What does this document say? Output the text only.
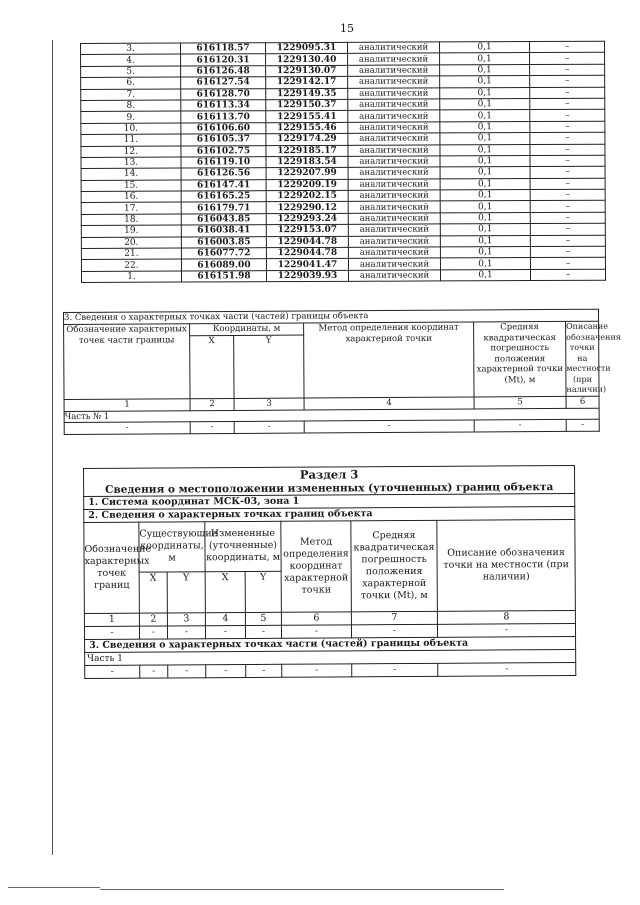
15
3.	616118.57	1229095.31	аналитический	0,1	–
4.	616120.31	1229130.40	аналитический	0,1	–
5.	616126.48	1229130.07	аналитический	0,1	–
6.	616127.54	1229142.17	аналитический	0,1	–
7.	616128.70	1229149.35	аналитический	0,1	–
8.	616113.34	1229150.37	аналитический	0,1	–
9.	616113.70	1229155.41	аналитический	0,1	–
10.	616106.60	1229155.46	аналитический	0,1	–
11.	616105.37	1229174.29	аналитический	0,1	–
12.	616102.75	1229185.17	аналитический	0,1	–
13.	616119.10	1229183.54	аналитический	0,1	–
14.	616126.56	1229207.99	аналитический	0,1	–
15.	616147.41	1229209.19	аналитический	0,1	–
16.	616165.25	1229202.15	аналитический	0,1	–
17.	616179.71	1229290.12	аналитический	0,1	–
18.	616043.85	1229293.24	аналитический	0,1	–
19.	616038.41	1229153.07	аналитический	0,1	–
20.	616003.85	1229044.78	аналитический	0,1	–
21.	616077.72	1229044.78	аналитический	0,1	–
22.	616089.00	1229041.47	аналитический	0,1	–
1.	616151.98	1229039.93	аналитический	0,1	–
3. Сведения о характерных точках части (частей) границы объекта					
Обозначение характерных точек части границы	Координаты, м		Метод определения координат характерной точки	Средняя квадратическая погрешность положения характерной точки (Mt), м	Описание обозначения точки на местности (при наличии)
	X	Y			
1	2	3	4	5	6
Часть № 1					
-	-	-	-	-	-
Раздел 3							
Сведения о местоположении измененных (уточненных) границ объекта							
1. Система координат МСК-03, зона 1							
2. Сведения о характерных точках границ объекта							
Обозначение характерных точек границ	Существующие координаты, м		Измененные (уточненные) координаты, м		Метод определения координат характерной точки	Средняя квадратическая погрешность положения характерной точки (Mt), м	Описание обозначения точки на местности (при наличии)
	X	Y	X	Y			
1	2	3	4	5	6	7	8
-	-	-	-	-	-	-	-
3. Сведения о характерных точках части (частей) границы объекта							
Часть 1							
-	-	-	-	-	-	-	-
